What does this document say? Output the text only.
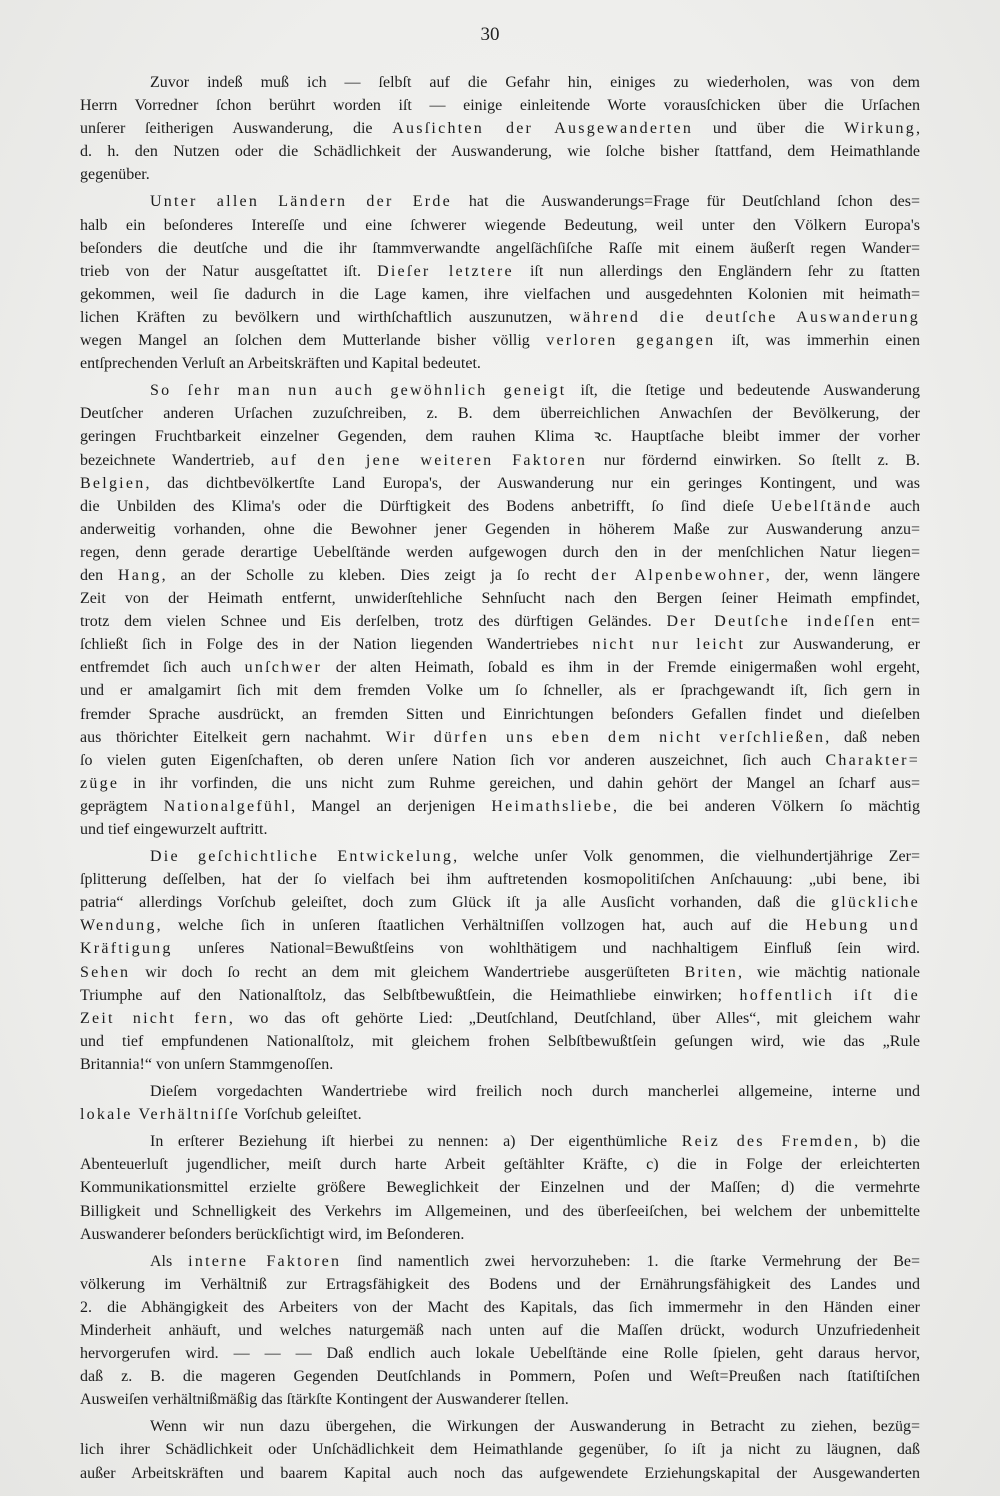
30
Zuvor indeß muß ich — ſelbſt auf die Gefahr hin, einiges zu wiederholen, was von dem
Herrn Vorredner ſchon berührt worden iſt — einige einleitende Worte vorausſchicken über die Urſachen
unſerer ſeitherigen Auswanderung, die Ausſichten der Ausgewanderten und über die Wirkung,
d. h. den Nutzen oder die Schädlichkeit der Auswanderung, wie ſolche bisher ſtattfand, dem Heimathlande
gegenüber.
Unter allen Ländern der Erde hat die Auswanderungs=Frage für Deutſchland ſchon des=
halb ein beſonderes Intereſſe und eine ſchwerer wiegende Bedeutung, weil unter den Völkern Europa's
beſonders die deutſche und die ihr ſtammverwandte angelſächſiſche Raſſe mit einem äußerſt regen Wander=
trieb von der Natur ausgeſtattet iſt. Dieſer letztere iſt nun allerdings den Engländern ſehr zu ſtatten
gekommen, weil ſie dadurch in die Lage kamen, ihre vielfachen und ausgedehnten Kolonien mit heimath=
lichen Kräften zu bevölkern und wirthſchaftlich auszunutzen, während die deutſche Auswanderung
wegen Mangel an ſolchen dem Mutterlande bisher völlig verloren gegangen iſt, was immerhin einen
entſprechenden Verluſt an Arbeitskräften und Kapital bedeutet.
So ſehr man nun auch gewöhnlich geneigt iſt, die ſtetige und bedeutende Auswanderung
Deutſcher anderen Urſachen zuzuſchreiben, z. B. dem überreichlichen Anwachſen der Bevölkerung, der
geringen Fruchtbarkeit einzelner Gegenden, dem rauhen Klima ꝛc. Hauptſache bleibt immer der vorher
bezeichnete Wandertrieb, auf den jene weiteren Faktoren nur fördernd einwirken. So ſtellt z. B.
Belgien, das dichtbevölkertſte Land Europa's, der Auswanderung nur ein geringes Kontingent, und was
die Unbilden des Klima's oder die Dürftigkeit des Bodens anbetrifft, ſo ſind dieſe Uebelſtände auch
anderweitig vorhanden, ohne die Bewohner jener Gegenden in höherem Maße zur Auswanderung anzu=
regen, denn gerade derartige Uebelſtände werden aufgewogen durch den in der menſchlichen Natur liegen=
den Hang, an der Scholle zu kleben. Dies zeigt ja ſo recht der Alpenbewohner, der, wenn längere
Zeit von der Heimath entfernt, unwiderſtehliche Sehnſucht nach den Bergen ſeiner Heimath empfindet,
trotz dem vielen Schnee und Eis derſelben, trotz des dürftigen Geländes. Der Deutſche indeſſen ent=
ſchließt ſich in Folge des in der Nation liegenden Wandertriebes nicht nur leicht zur Auswanderung, er
entfremdet ſich auch unſchwer der alten Heimath, ſobald es ihm in der Fremde einigermaßen wohl ergeht,
und er amalgamirt ſich mit dem fremden Volke um ſo ſchneller, als er ſprachgewandt iſt, ſich gern in
fremder Sprache ausdrückt, an fremden Sitten und Einrichtungen beſonders Gefallen findet und dieſelben
aus thörichter Eitelkeit gern nachahmt. Wir dürfen uns eben dem nicht verſchließen, daß neben
ſo vielen guten Eigenſchaften, ob deren unſere Nation ſich vor anderen auszeichnet, ſich auch Charakter=
züge in ihr vorfinden, die uns nicht zum Ruhme gereichen, und dahin gehört der Mangel an ſcharf aus=
geprägtem Nationalgefühl, Mangel an derjenigen Heimathsliebe, die bei anderen Völkern ſo mächtig
und tief eingewurzelt auftritt.
Die geſchichtliche Entwickelung, welche unſer Volk genommen, die vielhundertjährige Zer=
ſplitterung deſſelben, hat der ſo vielfach bei ihm auftretenden kosmopolitiſchen Anſchauung: „ubi bene, ibi
patria“ allerdings Vorſchub geleiſtet, doch zum Glück iſt ja alle Ausſicht vorhanden, daß die glückliche
Wendung, welche ſich in unſeren ſtaatlichen Verhältniſſen vollzogen hat, auch auf die Hebung und
Kräftigung unſeres National=Bewußtſeins von wohlthätigem und nachhaltigem Einfluß ſein wird.
Sehen wir doch ſo recht an dem mit gleichem Wandertriebe ausgerüſteten Briten, wie mächtig nationale
Triumphe auf den Nationalſtolz, das Selbſtbewußtſein, die Heimathliebe einwirken; hoffentlich iſt die
Zeit nicht fern, wo das oft gehörte Lied: „Deutſchland, Deutſchland, über Alles“, mit gleichem wahr
und tief empfundenen Nationalſtolz, mit gleichem frohen Selbſtbewußtſein geſungen wird, wie das „Rule
Britannia!“ von unſern Stammgenoſſen.
Dieſem vorgedachten Wandertriebe wird freilich noch durch mancherlei allgemeine, interne und
lokale Verhältniſſe Vorſchub geleiſtet.
In erſterer Beziehung iſt hierbei zu nennen: a) Der eigenthümliche Reiz des Fremden, b) die
Abenteuerluſt jugendlicher, meiſt durch harte Arbeit geſtählter Kräfte, c) die in Folge der erleichterten
Kommunikationsmittel erzielte größere Beweglichkeit der Einzelnen und der Maſſen; d) die vermehrte
Billigkeit und Schnelligkeit des Verkehrs im Allgemeinen, und des überſeeiſchen, bei welchem der unbemittelte
Auswanderer beſonders berückſichtigt wird, im Beſonderen.
Als interne Faktoren ſind namentlich zwei hervorzuheben: 1. die ſtarke Vermehrung der Be=
völkerung im Verhältniß zur Ertragsfähigkeit des Bodens und der Ernährungsfähigkeit des Landes und
2. die Abhängigkeit des Arbeiters von der Macht des Kapitals, das ſich immermehr in den Händen einer
Minderheit anhäuft, und welches naturgemäß nach unten auf die Maſſen drückt, wodurch Unzufriedenheit
hervorgerufen wird. — — — Daß endlich auch lokale Uebelſtände eine Rolle ſpielen, geht daraus hervor,
daß z. B. die mageren Gegenden Deutſchlands in Pommern, Poſen und Weſt=Preußen nach ſtatiſtiſchen
Ausweiſen verhältnißmäßig das ſtärkſte Kontingent der Auswanderer ſtellen.
Wenn wir nun dazu übergehen, die Wirkungen der Auswanderung in Betracht zu ziehen, bezüg=
lich ihrer Schädlichkeit oder Unſchädlichkeit dem Heimathlande gegenüber, ſo iſt ja nicht zu läugnen, daß
außer Arbeitskräften und baarem Kapital auch noch das aufgewendete Erziehungskapital der Ausgewanderten
